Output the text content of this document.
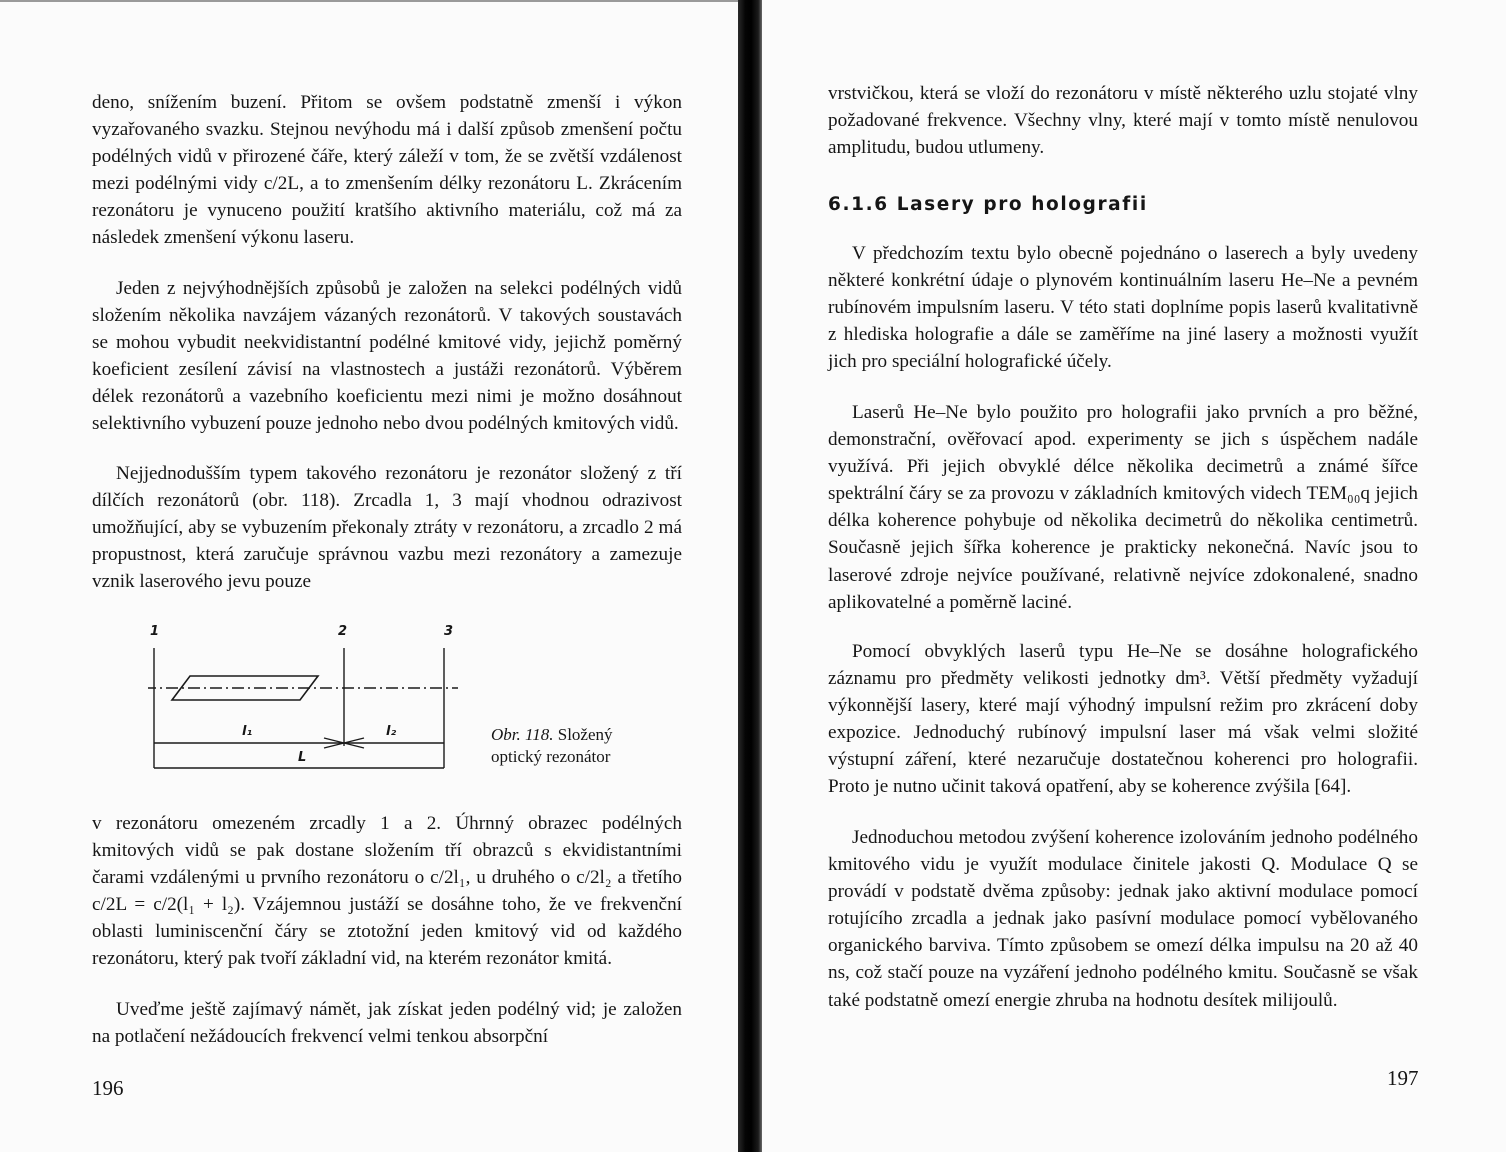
deno, snížením buzení. Přitom se ovšem podstatně zmenší i výkon vyzařovaného svazku. Stejnou nevýhodu má i další způsob zmenšení počtu podélných vidů v přirozené čáře, který záleží v tom, že se zvětší vzdálenost mezi podélnými vidy c/2L, a to zmenšením délky rezonátoru L. Zkrácením rezonátoru je vynuceno použití kratšího aktivního materiálu, což má za následek zmenšení výkonu laseru.

Jeden z nejvýhodnějších způsobů je založen na selekci podélných vidů složením několika navzájem vázaných rezonátorů. V takových soustavách se mohou vybudit neekvidistantní podélné kmitové vidy, jejichž poměrný koeficient zesílení závisí na vlastnostech a justáži rezonátorů. Výběrem délek rezonátorů a vazebního koeficientu mezi nimi je možno dosáhnout selektivního vybuzení pouze jednoho nebo dvou podélných kmitových vidů.

Nejjednodušším typem takového rezonátoru je rezonátor složený z tří dílčích rezonátorů (obr. 118). Zrcadla 1, 3 mají vhodnou odrazivost umožňující, aby se vybuzením překonaly ztráty v rezonátoru, a zrcadlo 2 má propustnost, která zaručuje správnou vazbu mezi rezonátory a zamezuje vznik laserového jevu pouze

1	2	3
l₁	l₂
L
Obr. 118. Složený optický rezonátor

v rezonátoru omezeném zrcadly 1 a 2. Úhrnný obrazec podélných kmitových vidů se pak dostane složením tří obrazců s ekvidistantními čarami vzdálenými u prvního rezonátoru o c/2l₁, u druhého o c/2l₂ a třetího c/2L = c/2(l₁ + l₂). Vzájemnou justáží se dosáhne toho, že ve frekvenční oblasti luminiscenční čáry se ztotožní jeden kmitový vid od každého rezonátoru, který pak tvoří základní vid, na kterém rezonátor kmitá.

Uveďme ještě zajímavý námět, jak získat jeden podélný vid; je založen na potlačení nežádoucích frekvencí velmi tenkou absorpční

196

vrstvičkou, která se vloží do rezonátoru v místě některého uzlu stojaté vlny požadované frekvence. Všechny vlny, které mají v tomto místě nenulovou amplitudu, budou utlumeny.

6.1.6 Lasery pro holografii

V předchozím textu bylo obecně pojednáno o laserech a byly uvedeny některé konkrétní údaje o plynovém kontinuálním laseru He–Ne a pevném rubínovém impulsním laseru. V této stati doplníme popis laserů kvalitativně z hlediska holografie a dále se zaměříme na jiné lasery a možnosti využít jich pro speciální holografické účely.

Laserů He–Ne bylo použito pro holografii jako prvních a pro běžné, demonstrační, ověřovací apod. experimenty se jich s úspěchem nadále využívá. Při jejich obvyklé délce několika decimetrů a známé šířce spektrální čáry se za provozu v základních kmitových videch TEM₀₀q jejich délka koherence pohybuje od několika decimetrů do několika centimetrů. Současně jejich šířka koherence je prakticky nekonečná. Navíc jsou to laserové zdroje nejvíce používané, relativně nejvíce zdokonalené, snadno aplikovatelné a poměrně laciné.

Pomocí obvyklých laserů typu He–Ne se dosáhne holografického záznamu pro předměty velikosti jednotky dm³. Větší předměty vyžadují výkonnější lasery, které mají výhodný impulsní režim pro zkrácení doby expozice. Jednoduchý rubínový impulsní laser má však velmi složité výstupní záření, které nezaručuje dostatečnou koherenci pro holografii. Proto je nutno učinit taková opatření, aby se koherence zvýšila [64].

Jednoduchou metodou zvýšení koherence izolováním jednoho podélného kmitového vidu je využít modulace činitele jakosti Q. Modulace Q se provádí v podstatě dvěma způsoby: jednak jako aktivní modulace pomocí rotujícího zrcadla a jednak jako pasívní modulace pomocí vybělovaného organického barviva. Tímto způsobem se omezí délka impulsu na 20 až 40 ns, což stačí pouze na vyzáření jednoho podélného kmitu. Současně se však také podstatně omezí energie zhruba na hodnotu desítek milijoulů.

197
